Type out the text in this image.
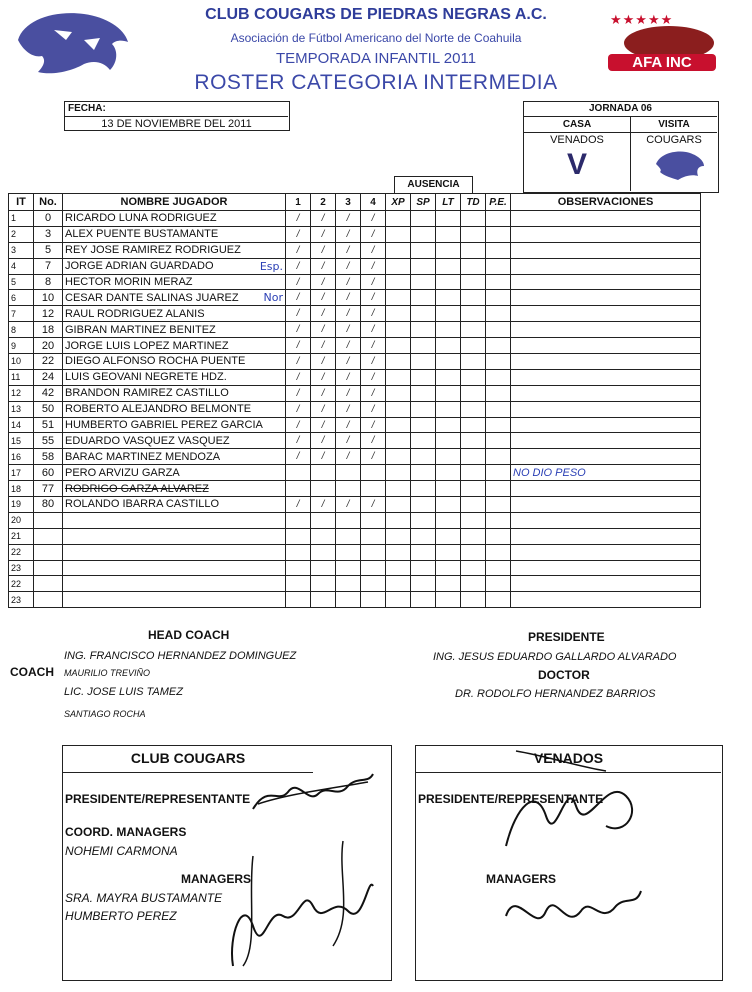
CLUB COUGARS DE PIEDRAS NEGRAS A.C.
Asociación de Fútbol Americano del Norte de Coahuila
TEMPORADA INFANTIL 2011
ROSTER CATEGORIA INTERMEDIA
★★★★★
AFA INC
FECHA:
13 DE NOVIEMBRE DEL 2011
JORNADA 06
CASA	VISITA
VENADOS	COUGARS
V
AUSENCIA
IT	No.	NOMBRE JUGADOR	1	2	3	4	XP	SP	LT	TD	P.E.	OBSERVACIONES
1	0	RICARDO LUNA RODRIGUEZ	/	/	/	/						
2	3	ALEX PUENTE BUSTAMANTE	/	/	/	/						
3	5	REY JOSE RAMIREZ RODRIGUEZ	/	/	/	/						
4	7	JORGE ADRIAN GUARDADO Esp.	/	/	/	/						
5	8	HECTOR MORIN MERAZ	/	/	/	/						
6	10	CESAR DANTE SALINAS JUAREZ Nor	/	/	/	/						
7	12	RAUL RODRIGUEZ ALANIS	/	/	/	/						
8	18	GIBRAN MARTINEZ BENITEZ	/	/	/	/						
9	20	JORGE LUIS LOPEZ MARTINEZ	/	/	/	/						
10	22	DIEGO ALFONSO ROCHA PUENTE	/	/	/	/						
11	24	LUIS GEOVANI NEGRETE HDZ.	/	/	/	/						
12	42	BRANDON RAMIREZ CASTILLO	/	/	/	/						
13	50	ROBERTO ALEJANDRO BELMONTE	/	/	/	/						
14	51	HUMBERTO GABRIEL PEREZ GARCIA	/	/	/	/						
15	55	EDUARDO VASQUEZ VASQUEZ	/	/	/	/						
16	58	BARAC MARTINEZ MENDOZA	/	/	/	/						
17	60	PERO ARVIZU GARZA										NO DIO PESO
18	77	RODRIGO GARZA ALVAREZ										
19	80	ROLANDO IBARRA CASTILLO	/	/	/	/						
20												
21												
22												
23												
22												
23												
HEAD COACH
ING. FRANCISCO HERNANDEZ DOMINGUEZ
COACH MAURILIO TREVIÑO
LIC. JOSE LUIS TAMEZ
SANTIAGO ROCHA
PRESIDENTE
ING. JESUS EDUARDO GALLARDO ALVARADO
DOCTOR
DR. RODOLFO HERNANDEZ BARRIOS
CLUB COUGARS
PRESIDENTE/REPRESENTANTE
COORD. MANAGERS
NOHEMI CARMONA
MANAGERS
SRA. MAYRA BUSTAMANTE
HUMBERTO PEREZ
VENADOS
PRESIDENTE/REPRESENTANTE
MANAGERS
